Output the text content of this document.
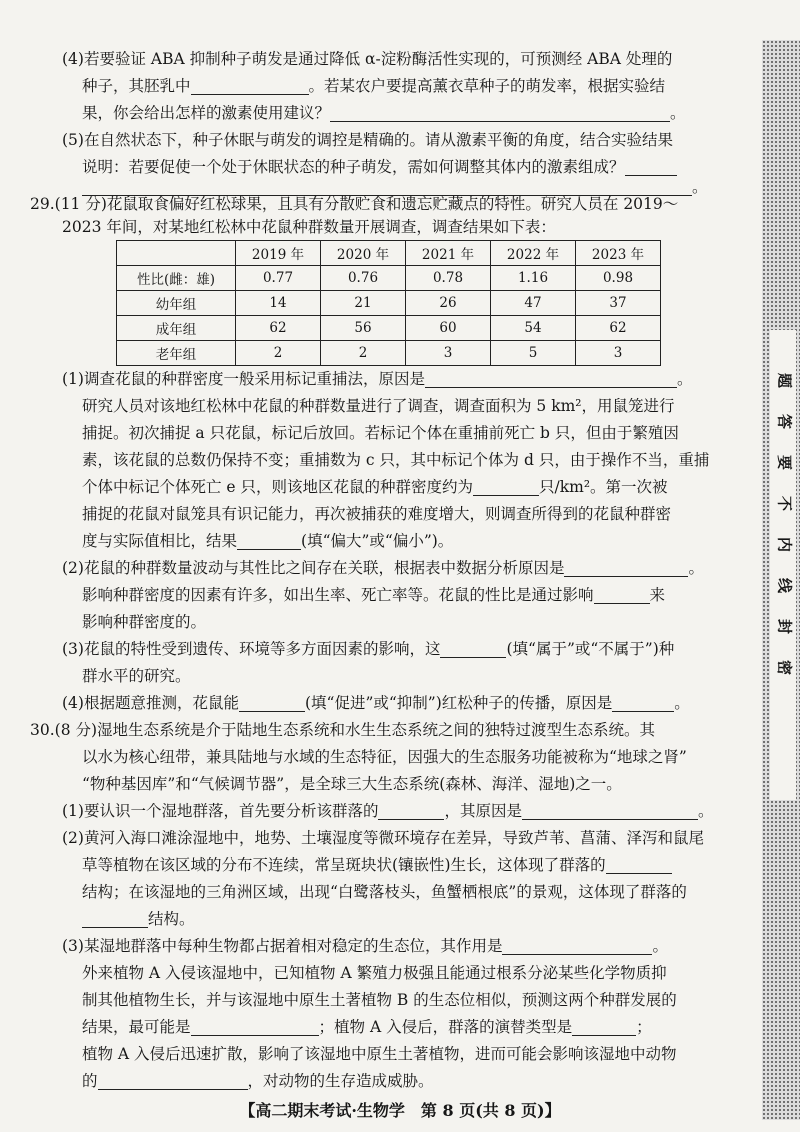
(4)若要验证 ABA 抑制种子萌发是通过降低 α-淀粉酶活性实现的，可预测经 ABA 处理的
种子，其胚乳中	。若某农户要提高薰衣草种子的萌发率，根据实验结
果，你会给出怎样的激素使用建议？	。
(5)在自然状态下，种子休眠与萌发的调控是精确的。请从激素平衡的角度，结合实验结果
说明：若要促使一个处于休眠状态的种子萌发，需如何调整其体内的激素组成？
。
29.(11 分)花鼠取食偏好红松球果，且具有分散贮食和遗忘贮藏点的特性。研究人员在 2019～
2023 年间，对某地红松林中花鼠种群数量开展调查，调查结果如下表：
	2019 年	2020 年	2021 年	2022 年	2023 年
性比(雌：雄)	0.77	0.76	0.78	1.16	0.98
幼年组	14	21	26	47	37
成年组	62	56	60	54	62
老年组	2	2	3	5	3
(1)调查花鼠的种群密度一般采用标记重捕法，原因是	。
研究人员对该地红松林中花鼠的种群数量进行了调查，调查面积为 5 km²，用鼠笼进行
捕捉。初次捕捉 a 只花鼠，标记后放回。若标记个体在重捕前死亡 b 只，但由于繁殖因
素，该花鼠的总数仍保持不变；重捕数为 c 只，其中标记个体为 d 只，由于操作不当，重捕
个体中标记个体死亡 e 只，则该地区花鼠的种群密度约为	只/km²。第一次被
捕捉的花鼠对鼠笼具有识记能力，再次被捕获的难度增大，则调查所得到的花鼠种群密
度与实际值相比，结果	(填“偏大”或“偏小”)。
(2)花鼠的种群数量波动与其性比之间存在关联，根据表中数据分析原因是	。
影响种群密度的因素有许多，如出生率、死亡率等。花鼠的性比是通过影响	来
影响种群密度的。
(3)花鼠的特性受到遗传、环境等多方面因素的影响，这	(填“属于”或“不属于”)种
群水平的研究。
(4)根据题意推测，花鼠能	(填“促进”或“抑制”)红松种子的传播，原因是	。
30.(8 分)湿地生态系统是介于陆地生态系统和水生生态系统之间的独特过渡型生态系统。其
以水为核心纽带，兼具陆地与水域的生态特征，因强大的生态服务功能被称为“地球之肾”
“物种基因库”和“气候调节器”，是全球三大生态系统(森林、海洋、湿地)之一。
(1)要认识一个湿地群落，首先要分析该群落的	，其原因是	。
(2)黄河入海口滩涂湿地中，地势、土壤湿度等微环境存在差异，导致芦苇、菖蒲、泽泻和鼠尾
草等植物在该区域的分布不连续，常呈斑块状(镶嵌性)生长，这体现了群落的
结构；在该湿地的三角洲区域，出现“白鹭落枝头，鱼蟹栖根底”的景观，这体现了群落的
结构。
(3)某湿地群落中每种生物都占据着相对稳定的生态位，其作用是	。
外来植物 A 入侵该湿地中，已知植物 A 繁殖力极强且能通过根系分泌某些化学物质抑
制其他植物生长，并与该湿地中原生土著植物 B 的生态位相似，预测这两个种群发展的
结果，最可能是	；植物 A 入侵后，群落的演替类型是	；
植物 A 入侵后迅速扩散，影响了该湿地中原生土著植物，进而可能会影响该湿地中动物
的	，对动物的生存造成威胁。
【高二期末考试·生物学　第 8 页(共 8 页)】
题
答
要
不
内
线
封
密
